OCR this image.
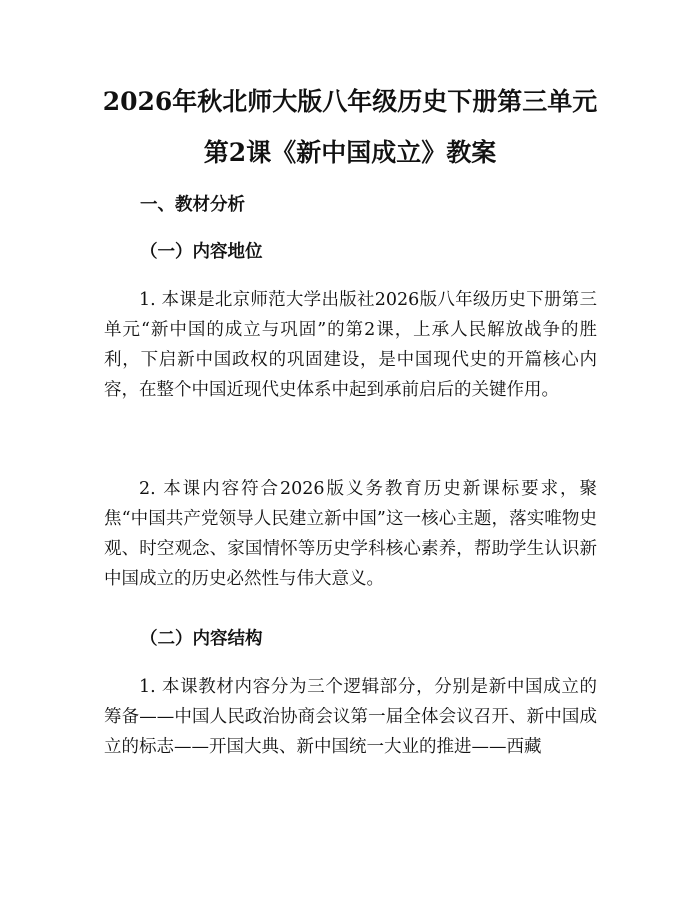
2026年秋北师大版八年级历史下册第三单元
第2课《新中国成立》教案
一、教材分析
（一）内容地位

1. 本课是北京师范大学出版社2026版八年级历史下册第三单元“新中国的成立与巩固”的第2课，上承人民解放战争的胜利，下启新中国政权的巩固建设，是中国现代史的开篇核心内容，在整个中国近现代史体系中起到承前启后的关键作用。

2. 本课内容符合2026版义务教育历史新课标要求，聚焦“中国共产党领导人民建立新中国”这一核心主题，落实唯物史观、时空观念、家国情怀等历史学科核心素养，帮助学生认识新中国成立的历史必然性与伟大意义。

（二）内容结构

1. 本课教材内容分为三个逻辑部分，分别是新中国成立的筹备——中国人民政治协商会议第一届全体会议召开、新中国成立的标志——开国大典、新中国统一大业的推进——西藏
